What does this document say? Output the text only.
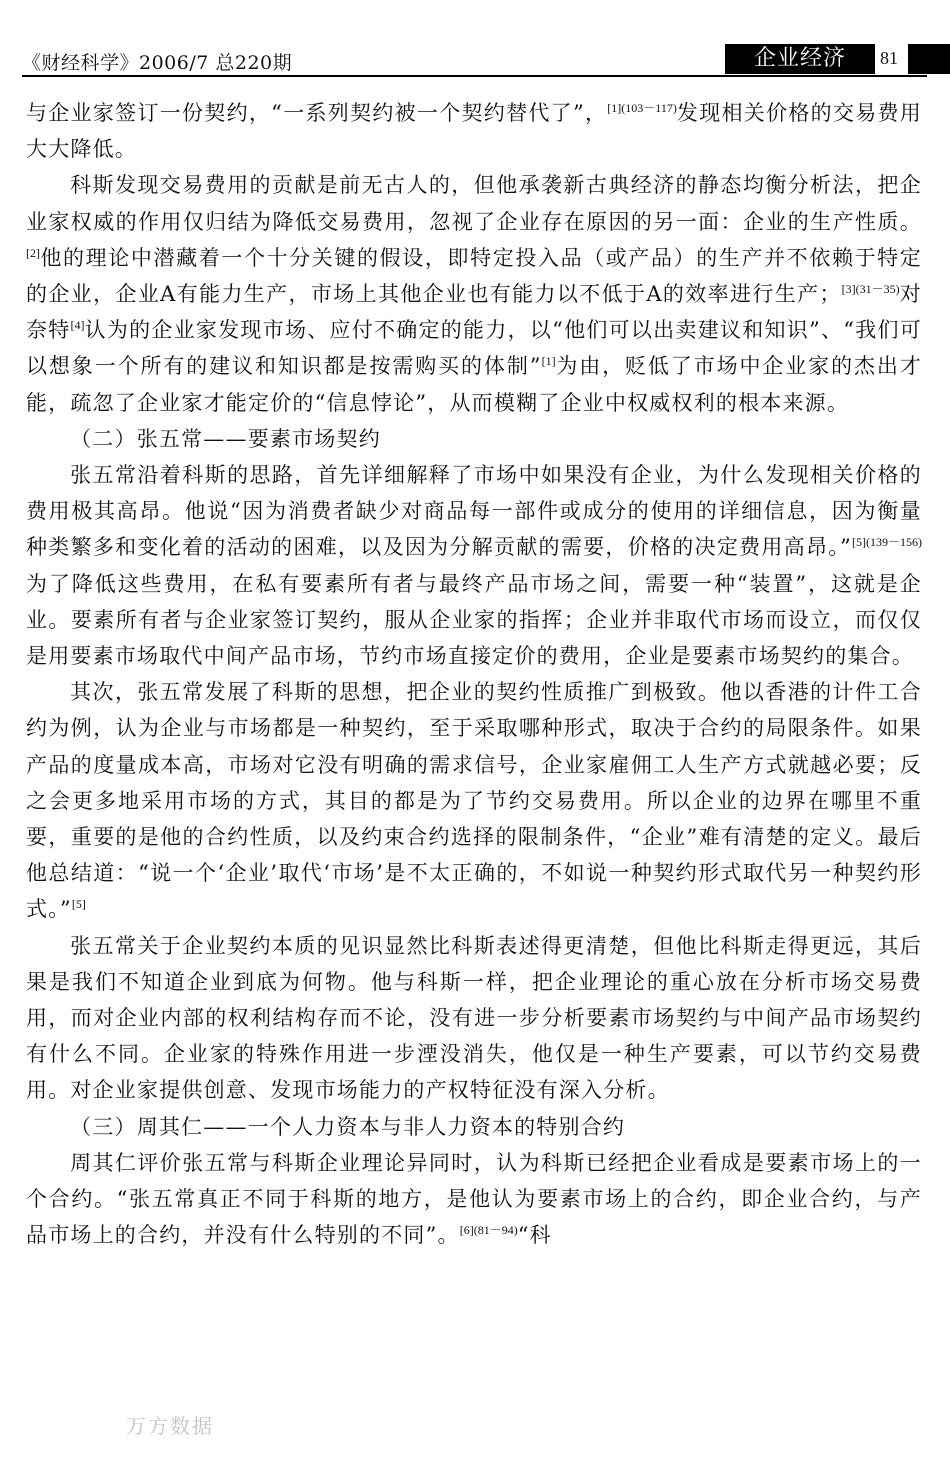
《财经科学》2006/7 总220期	企业经济	81

与企业家签订一份契约，“一系列契约被一个契约替代了”，$^{[1](103-117)}$发现相关价格的交易费用大大降低。

科斯发现交易费用的贡献是前无古人的，但他承袭新古典经济的静态均衡分析法，把企业家权威的作用仅归结为降低交易费用，忽视了企业存在原因的另一面：企业的生产性质。[2]他的理论中潜藏着一个十分关键的假设，即特定投入品（或产品）的生产并不依赖于特定的企业，企业A有能力生产，市场上其他企业也有能力以不低于A的效率进行生产；$^{[3](31-35)}$对奈特[4]认为的企业家发现市场、应付不确定的能力，以“他们可以出卖建议和知识”、“我们可以想象一个所有的建议和知识都是按需购买的体制”[1]为由，贬低了市场中企业家的杰出才能，疏忽了企业家才能定价的“信息悖论”，从而模糊了企业中权威权利的根本来源。

（二）张五常——要素市场契约

张五常沿着科斯的思路，首先详细解释了市场中如果没有企业，为什么发现相关价格的费用极其高昂。他说“因为消费者缺少对商品每一部件或成分的使用的详细信息，因为衡量种类繁多和变化着的活动的困难，以及因为分解贡献的需要，价格的决定费用高昂。”$^{[5](139-156)}$为了降低这些费用，在私有要素所有者与最终产品市场之间，需要一种“装置”，这就是企业。要素所有者与企业家签订契约，服从企业家的指挥；企业并非取代市场而设立，而仅仅是用要素市场取代中间产品市场，节约市场直接定价的费用，企业是要素市场契约的集合。

其次，张五常发展了科斯的思想，把企业的契约性质推广到极致。他以香港的计件工合约为例，认为企业与市场都是一种契约，至于采取哪种形式，取决于合约的局限条件。如果产品的度量成本高，市场对它没有明确的需求信号，企业家雇佣工人生产方式就越必要；反之会更多地采用市场的方式，其目的都是为了节约交易费用。所以企业的边界在哪里不重要，重要的是他的合约性质，以及约束合约选择的限制条件，“企业”难有清楚的定义。最后他总结道：“说一个‘企业’取代‘市场’是不太正确的，不如说一种契约形式取代另一种契约形式。”[5]

张五常关于企业契约本质的见识显然比科斯表述得更清楚，但他比科斯走得更远，其后果是我们不知道企业到底为何物。他与科斯一样，把企业理论的重心放在分析市场交易费用，而对企业内部的权利结构存而不论，没有进一步分析要素市场契约与中间产品市场契约有什么不同。企业家的特殊作用进一步湮没消失，他仅是一种生产要素，可以节约交易费用。对企业家提供创意、发现市场能力的产权特征没有深入分析。

（三）周其仁——一个人力资本与非人力资本的特别合约

周其仁评价张五常与科斯企业理论异同时，认为科斯已经把企业看成是要素市场上的一个合约。“张五常真正不同于科斯的地方，是他认为要素市场上的合约，即企业合约，与产品市场上的合约，并没有什么特别的不同”。$^{[6](81-94)}$“科

万方数据
